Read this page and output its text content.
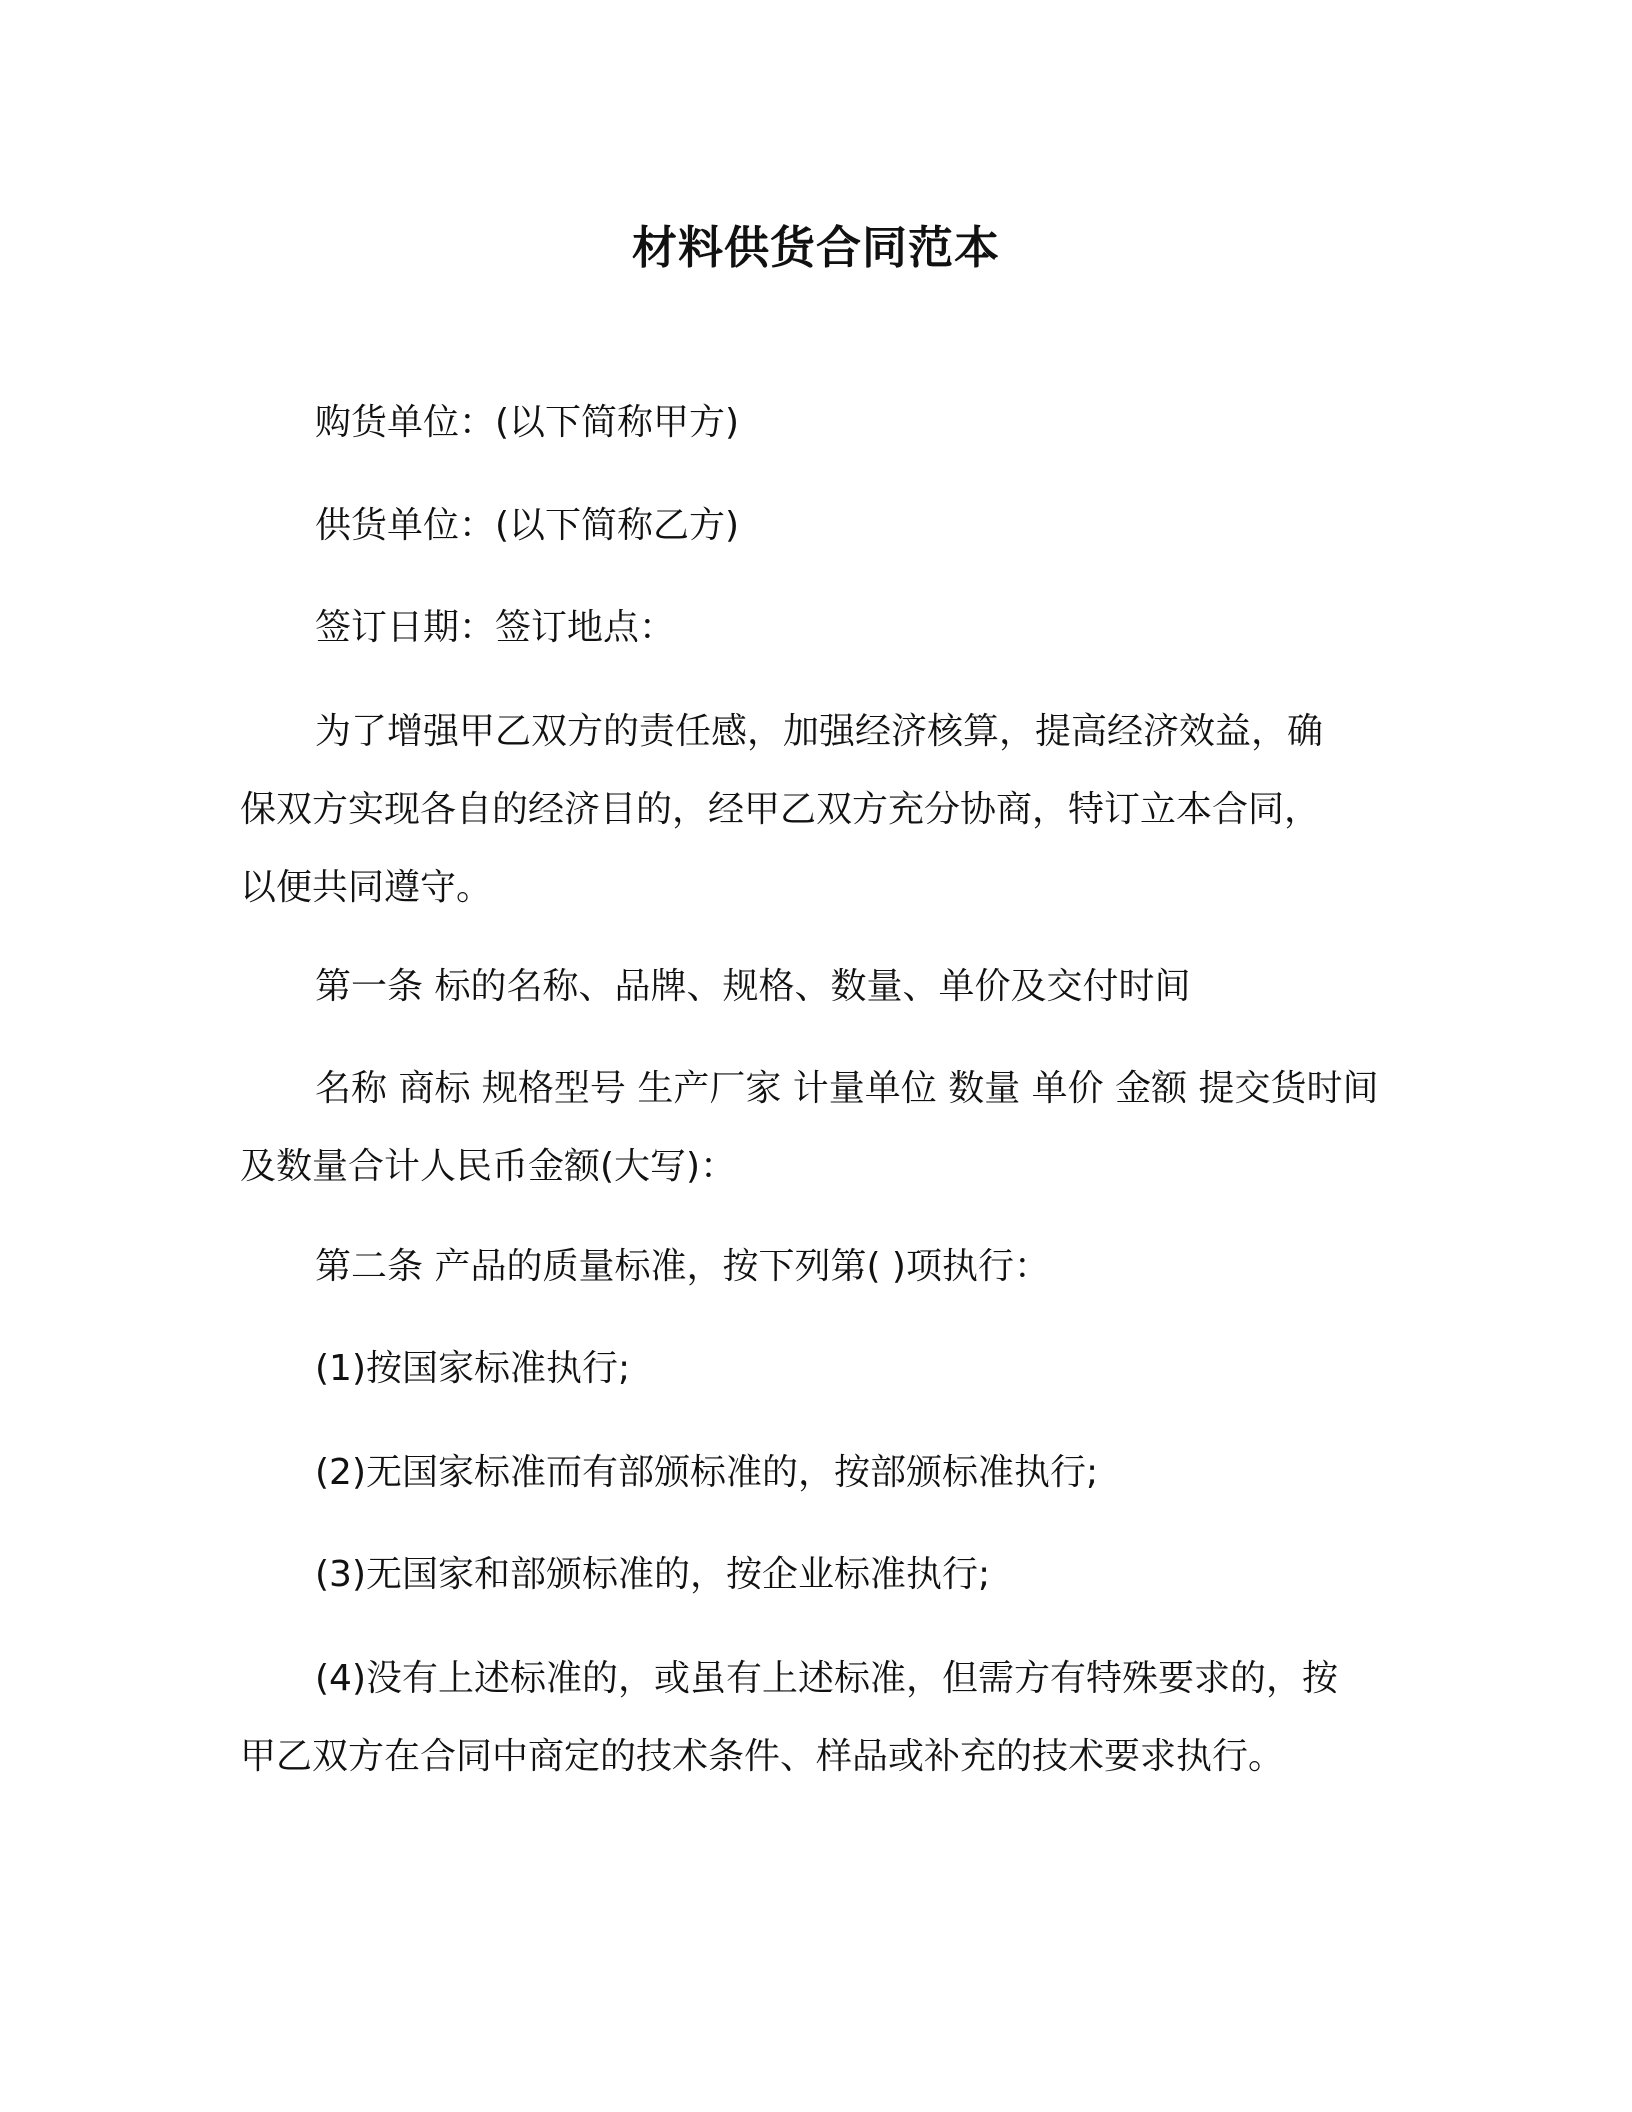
材料供货合同范本
购货单位：(以下简称甲方)
供货单位：(以下简称乙方)
签订日期：签订地点：
为了增强甲乙双方的责任感，加强经济核算，提高经济效益，确
保双方实现各自的经济目的，经甲乙双方充分协商，特订立本合同，
以便共同遵守。
第一条 标的名称、品牌、规格、数量、单价及交付时间
名称 商标 规格型号 生产厂家 计量单位 数量 单价 金额 提交货时间
及数量合计人民币金额(大写)：
第二条 产品的质量标准，按下列第( )项执行：
(1)按国家标准执行;
(2)无国家标准而有部颁标准的，按部颁标准执行;
(3)无国家和部颁标准的，按企业标准执行;
(4)没有上述标准的，或虽有上述标准，但需方有特殊要求的，按
甲乙双方在合同中商定的技术条件、样品或补充的技术要求执行。
